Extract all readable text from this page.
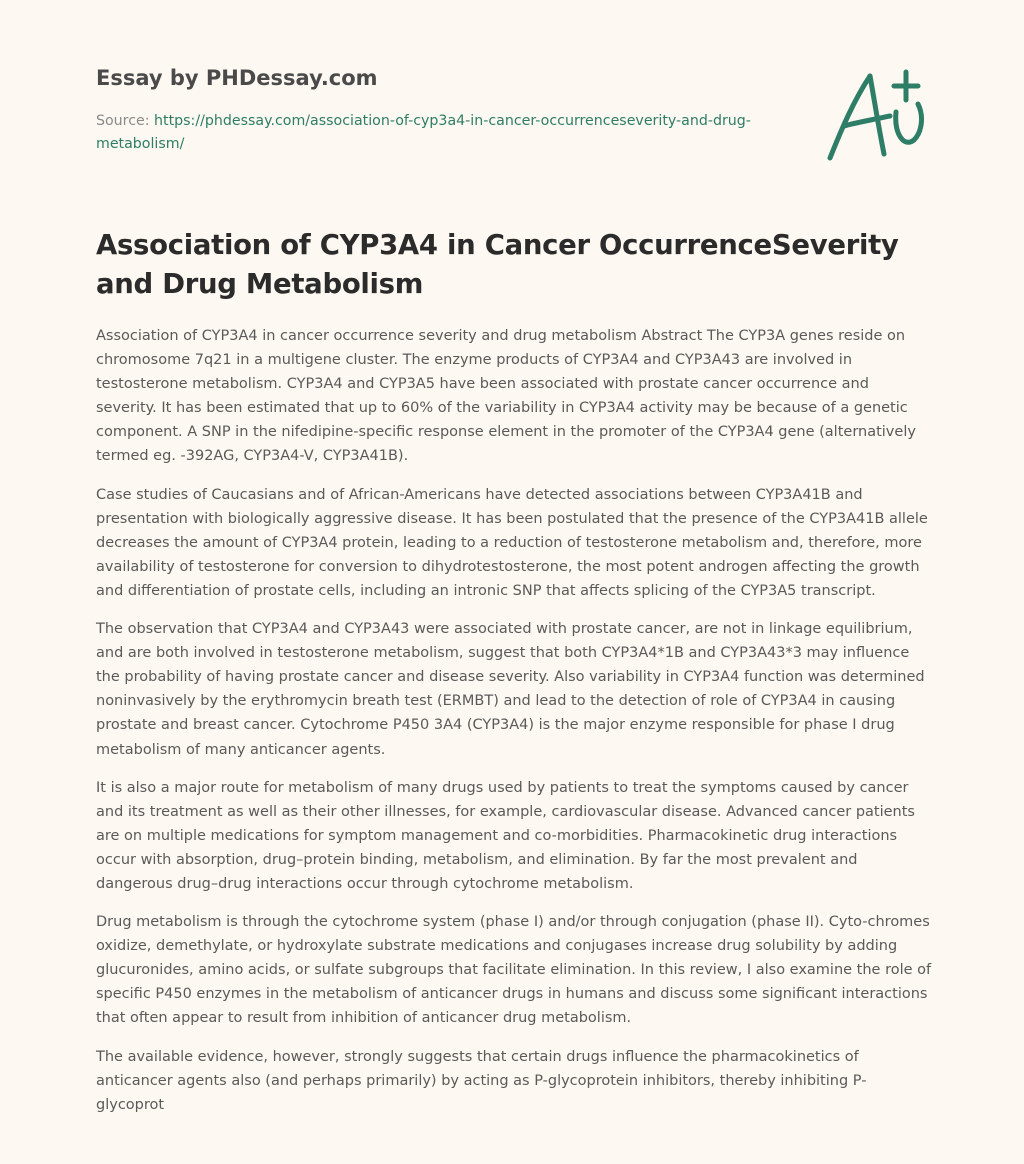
Essay by PHDessay.com
Source: https://phdessay.com/association-of-cyp3a4-in-cancer-occurrenceseverity-and-drug-metabolism/
Association of CYP3A4 in Cancer OccurrenceSeverity and Drug Metabolism

Association of CYP3A4 in cancer occurrence severity and drug metabolism Abstract The CYP3A genes reside on chromosome 7q21 in a multigene cluster. The enzyme products of CYP3A4 and CYP3A43 are involved in testosterone metabolism. CYP3A4 and CYP3A5 have been associated with prostate cancer occurrence and severity. It has been estimated that up to 60% of the variability in CYP3A4 activity may be because of a genetic component. A SNP in the nifedipine-specific response element in the promoter of the CYP3A4 gene (alternatively termed eg. -392AG, CYP3A4-V, CYP3A41B).

Case studies of Caucasians and of African-Americans have detected associations between CYP3A41B and presentation with biologically aggressive disease. It has been postulated that the presence of the CYP3A41B allele decreases the amount of CYP3A4 protein, leading to a reduction of testosterone metabolism and, therefore, more availability of testosterone for conversion to dihydrotestosterone, the most potent androgen affecting the growth and differentiation of prostate cells, including an intronic SNP that affects splicing of the CYP3A5 transcript.

The observation that CYP3A4 and CYP3A43 were associated with prostate cancer, are not in linkage equilibrium, and are both involved in testosterone metabolism, suggest that both CYP3A4*1B and CYP3A43*3 may influence the probability of having prostate cancer and disease severity. Also variability in CYP3A4 function was determined noninvasively by the erythromycin breath test (ERMBT) and lead to the detection of role of CYP3A4 in causing prostate and breast cancer. Cytochrome P450 3A4 (CYP3A4) is the major enzyme responsible for phase I drug metabolism of many anticancer agents.

It is also a major route for metabolism of many drugs used by patients to treat the symptoms caused by cancer and its treatment as well as their other illnesses, for example, cardiovascular disease. Advanced cancer patients are on multiple medications for symptom management and co-morbidities. Pharmacokinetic drug interactions occur with absorption, drug–protein binding, metabolism, and elimination. By far the most prevalent and dangerous drug–drug interactions occur through cytochrome metabolism.

Drug metabolism is through the cytochrome system (phase I) and/or through conjugation (phase II). Cyto-chromes oxidize, demethylate, or hydroxylate substrate medications and conjugases increase drug solubility by adding glucuronides, amino acids, or sulfate subgroups that facilitate elimination. In this review, I also examine the role of specific P450 enzymes in the metabolism of anticancer drugs in humans and discuss some significant interactions that often appear to result from inhibition of anticancer drug metabolism.

The available evidence, however, strongly suggests that certain drugs influence the pharmacokinetics of anticancer agents also (and perhaps primarily) by acting as P-glycoprotein inhibitors, thereby inhibiting P-glycoprot
